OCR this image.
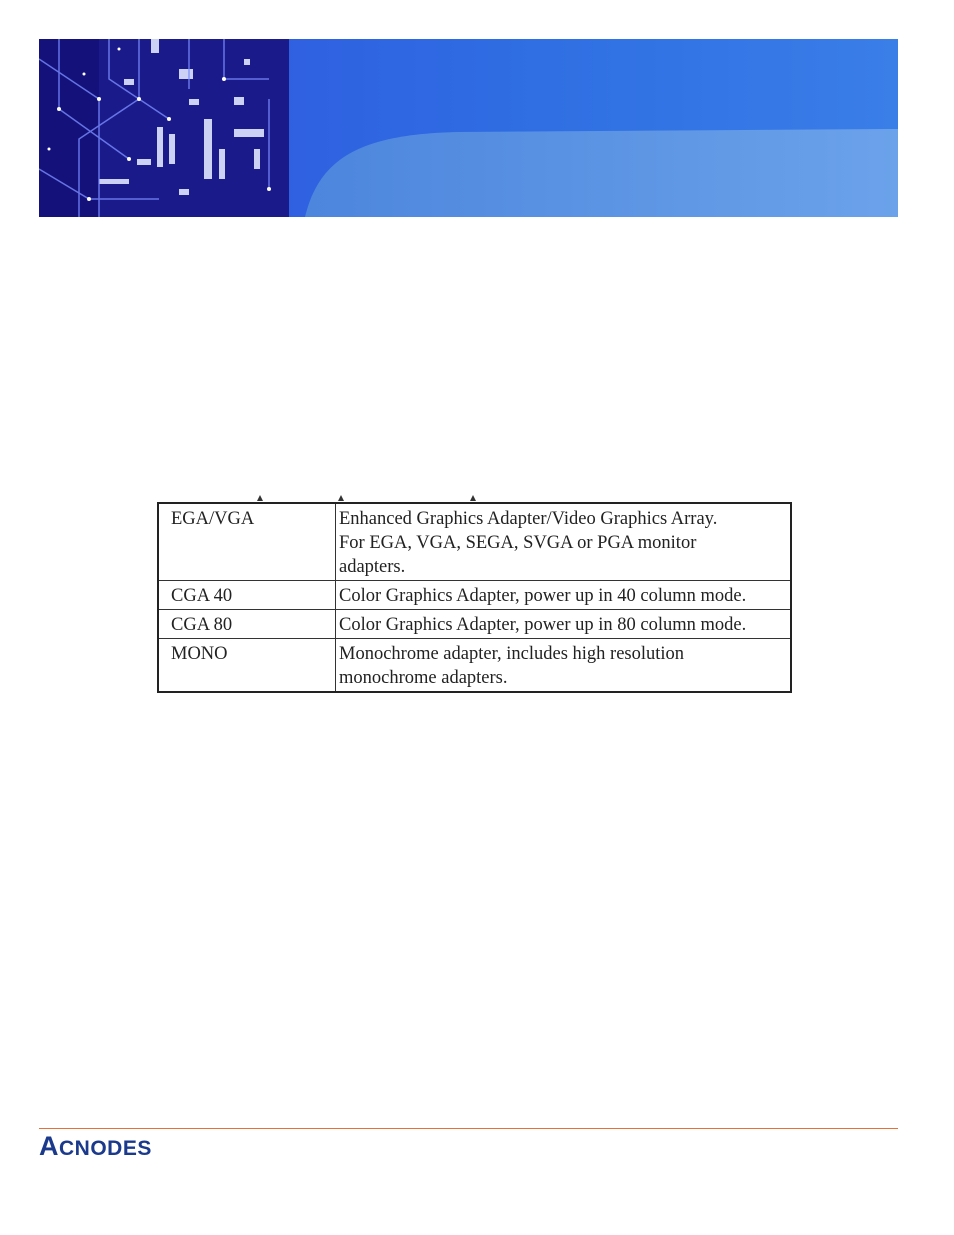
EGA/VGA	Enhanced Graphics Adapter/Video Graphics Array.
For EGA, VGA, SEGA, SVGA or PGA monitor
adapters.

CGA 40	Color Graphics Adapter, power up in 40 column mode.

CGA 80	Color Graphics Adapter, power up in 80 column mode.

MONO	Monochrome adapter, includes high resolution
monochrome adapters.
ACNODES
